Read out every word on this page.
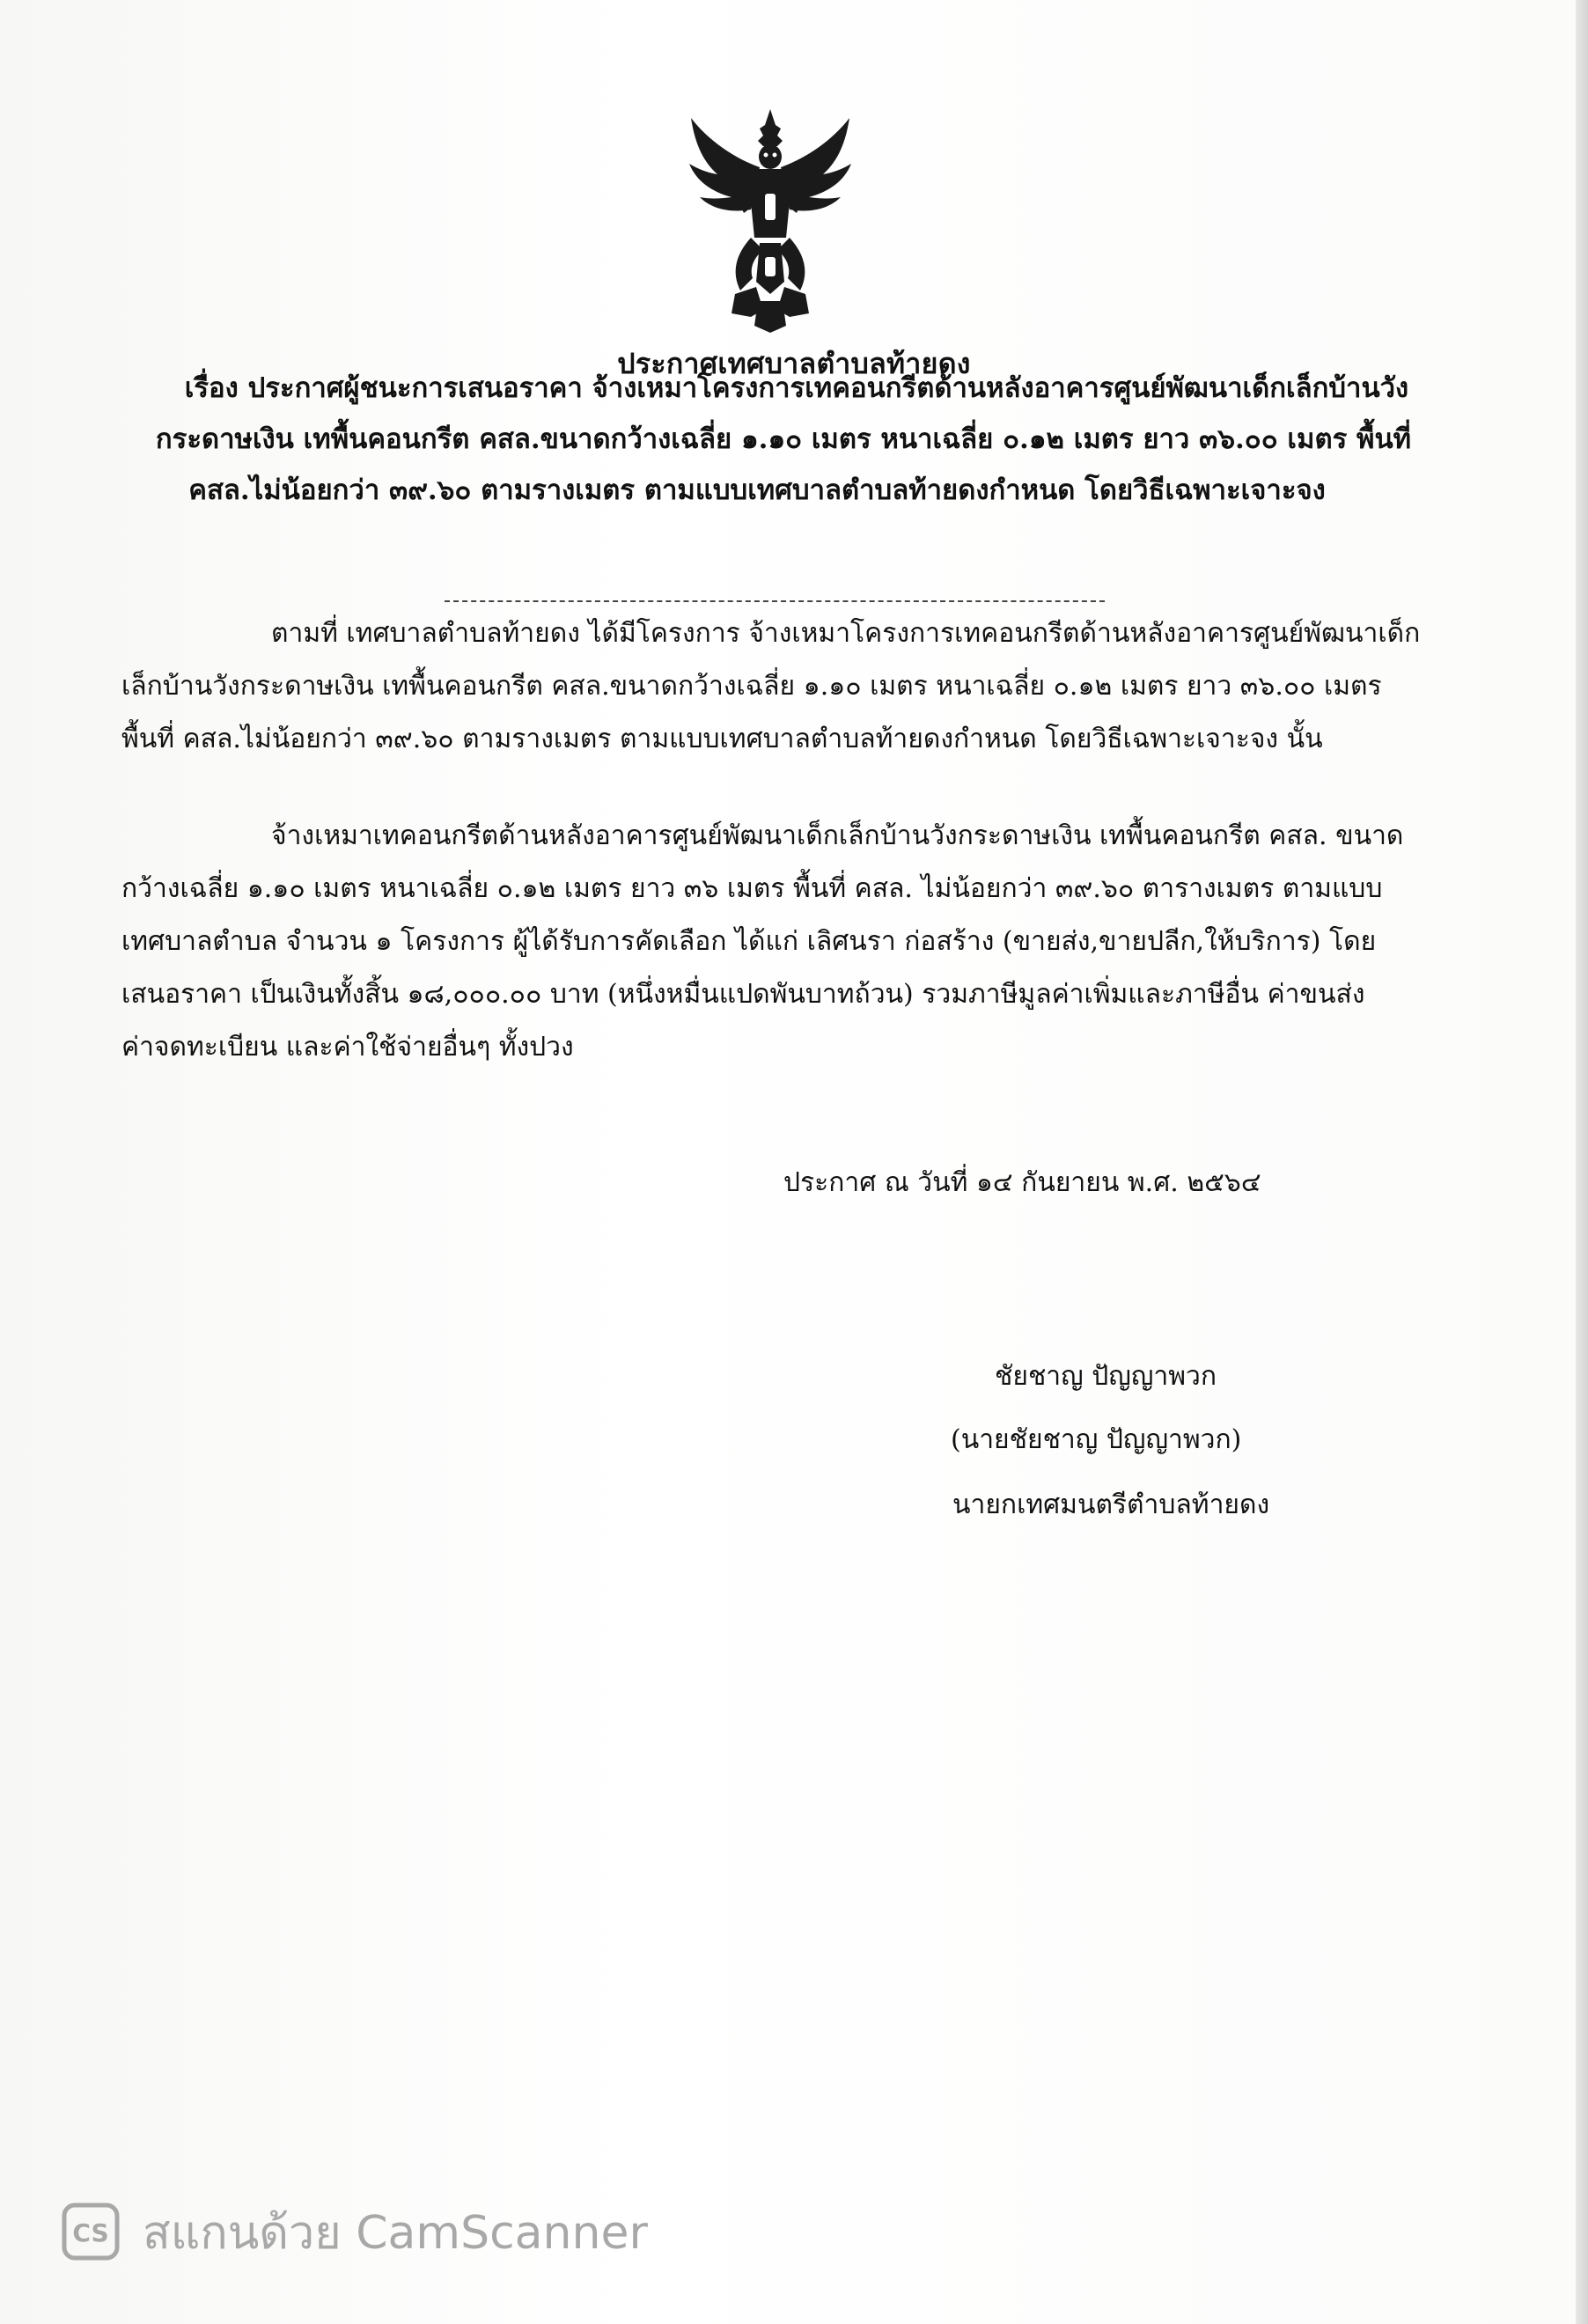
ประกาศเทศบาลตำบลท้ายดง
เรื่อง ประกาศผู้ชนะการเสนอราคา จ้างเหมาโครงการเทคอนกรีตด้านหลังอาคารศูนย์พัฒนาเด็กเล็กบ้านวัง
กระดาษเงิน เทพื้นคอนกรีต คสล.ขนาดกว้างเฉลี่ย ๑.๑๐ เมตร หนาเฉลี่ย ๐.๑๒ เมตร ยาว ๓๖.๐๐ เมตร พื้นที่
คสล.ไม่น้อยกว่า ๓๙.๖๐ ตามรางเมตร ตามแบบเทศบาลตำบลท้ายดงกำหนด โดยวิธีเฉพาะเจาะจง
ตามที่ เทศบาลตำบลท้ายดง ได้มีโครงการ จ้างเหมาโครงการเทคอนกรีตด้านหลังอาคารศูนย์พัฒนาเด็ก
เล็กบ้านวังกระดาษเงิน เทพื้นคอนกรีต คสล.ขนาดกว้างเฉลี่ย ๑.๑๐ เมตร หนาเฉลี่ย ๐.๑๒ เมตร ยาว ๓๖.๐๐ เมตร
พื้นที่ คสล.ไม่น้อยกว่า ๓๙.๖๐ ตามรางเมตร ตามแบบเทศบาลตำบลท้ายดงกำหนด โดยวิธีเฉพาะเจาะจง นั้น
จ้างเหมาเทคอนกรีตด้านหลังอาคารศูนย์พัฒนาเด็กเล็กบ้านวังกระดาษเงิน เทพื้นคอนกรีต คสล. ขนาด
กว้างเฉลี่ย ๑.๑๐ เมตร หนาเฉลี่ย ๐.๑๒ เมตร ยาว ๓๖ เมตร พื้นที่ คสล. ไม่น้อยกว่า ๓๙.๖๐ ตารางเมตร ตามแบบ
เทศบาลตำบล จำนวน ๑ โครงการ ผู้ได้รับการคัดเลือก ได้แก่ เลิศนรา ก่อสร้าง (ขายส่ง,ขายปลีก,ให้บริการ) โดย
เสนอราคา เป็นเงินทั้งสิ้น ๑๘,๐๐๐.๐๐ บาท (หนึ่งหมื่นแปดพันบาทถ้วน) รวมภาษีมูลค่าเพิ่มและภาษีอื่น ค่าขนส่ง
ค่าจดทะเบียน และค่าใช้จ่ายอื่นๆ ทั้งปวง
ประกาศ ณ วันที่ ๑๔ กันยายน พ.ศ. ๒๕๖๔
ชัยชาญ ปัญญาพวก
(นายชัยชาญ ปัญญาพวก)
นายกเทศมนตรีตำบลท้ายดง
CS สแกนด้วย CamScanner
